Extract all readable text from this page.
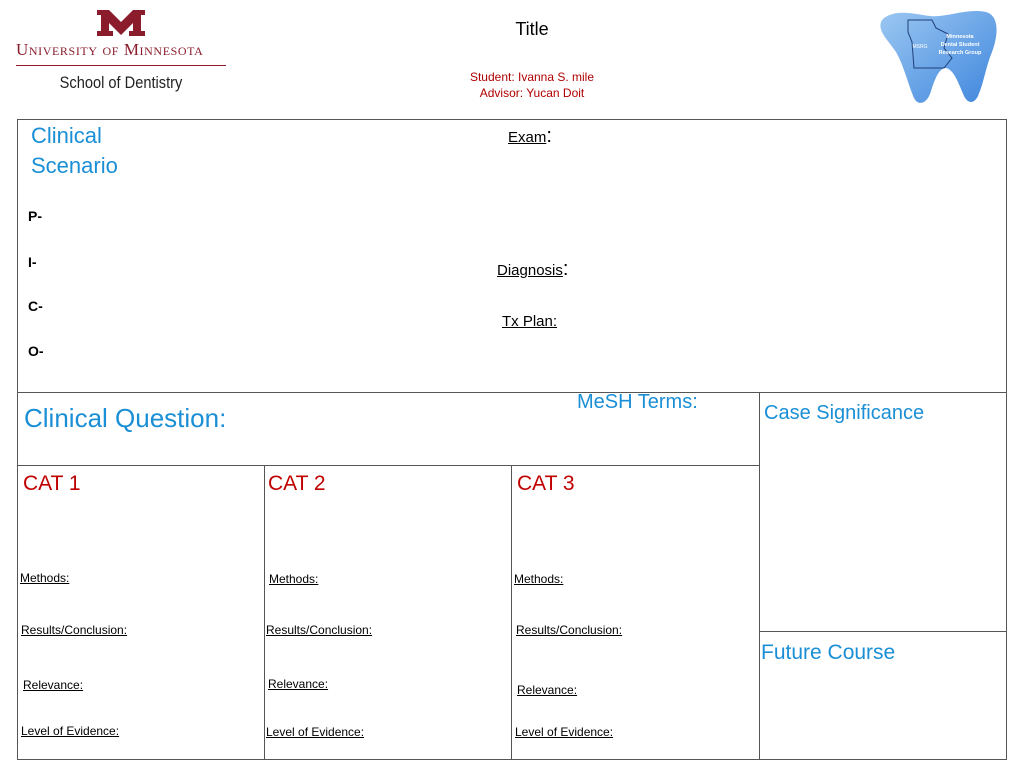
University of Minnesota
School of Dentistry
Title
Student: Ivanna S. mile
Advisor: Yucan Doit
MSRG
Minnesota
Dental Student
Research Group
Clinical
Scenario
P-
I-
C-
O-
Exam:
Diagnosis:
Tx Plan:
Clinical Question:
MeSH Terms:	Case Significance
Future Course
CAT 1
Methods:
Results/Conclusion:
Relevance:
Level of Evidence:
CAT 2
Methods:
Results/Conclusion:
Relevance:
Level of Evidence:
CAT 3
Methods:
Results/Conclusion:
Relevance:
Level of Evidence:
